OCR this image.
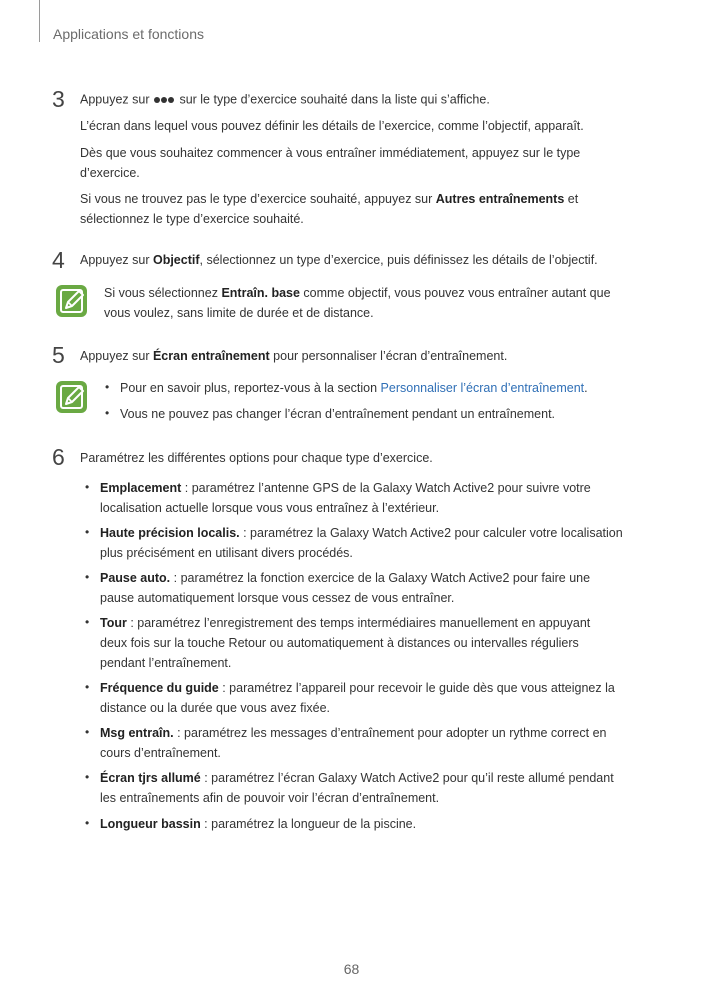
Applications et fonctions
3 Appuyez sur  sur le type d’exercice souhaité dans la liste qui s’affiche.
L’écran dans lequel vous pouvez définir les détails de l’exercice, comme l’objectif, apparaît.
Dès que vous souhaitez commencer à vous entraîner immédiatement, appuyez sur le type
d’exercice.
Si vous ne trouvez pas le type d’exercice souhaité, appuyez sur Autres entraînements et
sélectionnez le type d’exercice souhaité.
4 Appuyez sur Objectif, sélectionnez un type d’exercice, puis définissez les détails de l’objectif.
Si vous sélectionnez Entraîn. base comme objectif, vous pouvez vous entraîner autant que
vous voulez, sans limite de durée et de distance.
5 Appuyez sur Écran entraînement pour personnaliser l’écran d’entraînement.
• Pour en savoir plus, reportez-vous à la section Personnaliser l’écran d’entraînement.
• Vous ne pouvez pas changer l’écran d’entraînement pendant un entraînement.
6 Paramétrez les différentes options pour chaque type d’exercice.
• Emplacement : paramétrez l’antenne GPS de la Galaxy Watch Active2 pour suivre votre
localisation actuelle lorsque vous vous entraînez à l’extérieur.
• Haute précision localis. : paramétrez la Galaxy Watch Active2 pour calculer votre localisation
plus précisément en utilisant divers procédés.
• Pause auto. : paramétrez la fonction exercice de la Galaxy Watch Active2 pour faire une
pause automatiquement lorsque vous cessez de vous entraîner.
• Tour : paramétrez l’enregistrement des temps intermédiaires manuellement en appuyant
deux fois sur la touche Retour ou automatiquement à distances ou intervalles réguliers
pendant l’entraînement.
• Fréquence du guide : paramétrez l’appareil pour recevoir le guide dès que vous atteignez la
distance ou la durée que vous avez fixée.
• Msg entraîn. : paramétrez les messages d’entraînement pour adopter un rythme correct en
cours d’entraînement.
• Écran tjrs allumé : paramétrez l’écran Galaxy Watch Active2 pour qu’il reste allumé pendant
les entraînements afin de pouvoir voir l’écran d’entraînement.
• Longueur bassin : paramétrez la longueur de la piscine.
68
